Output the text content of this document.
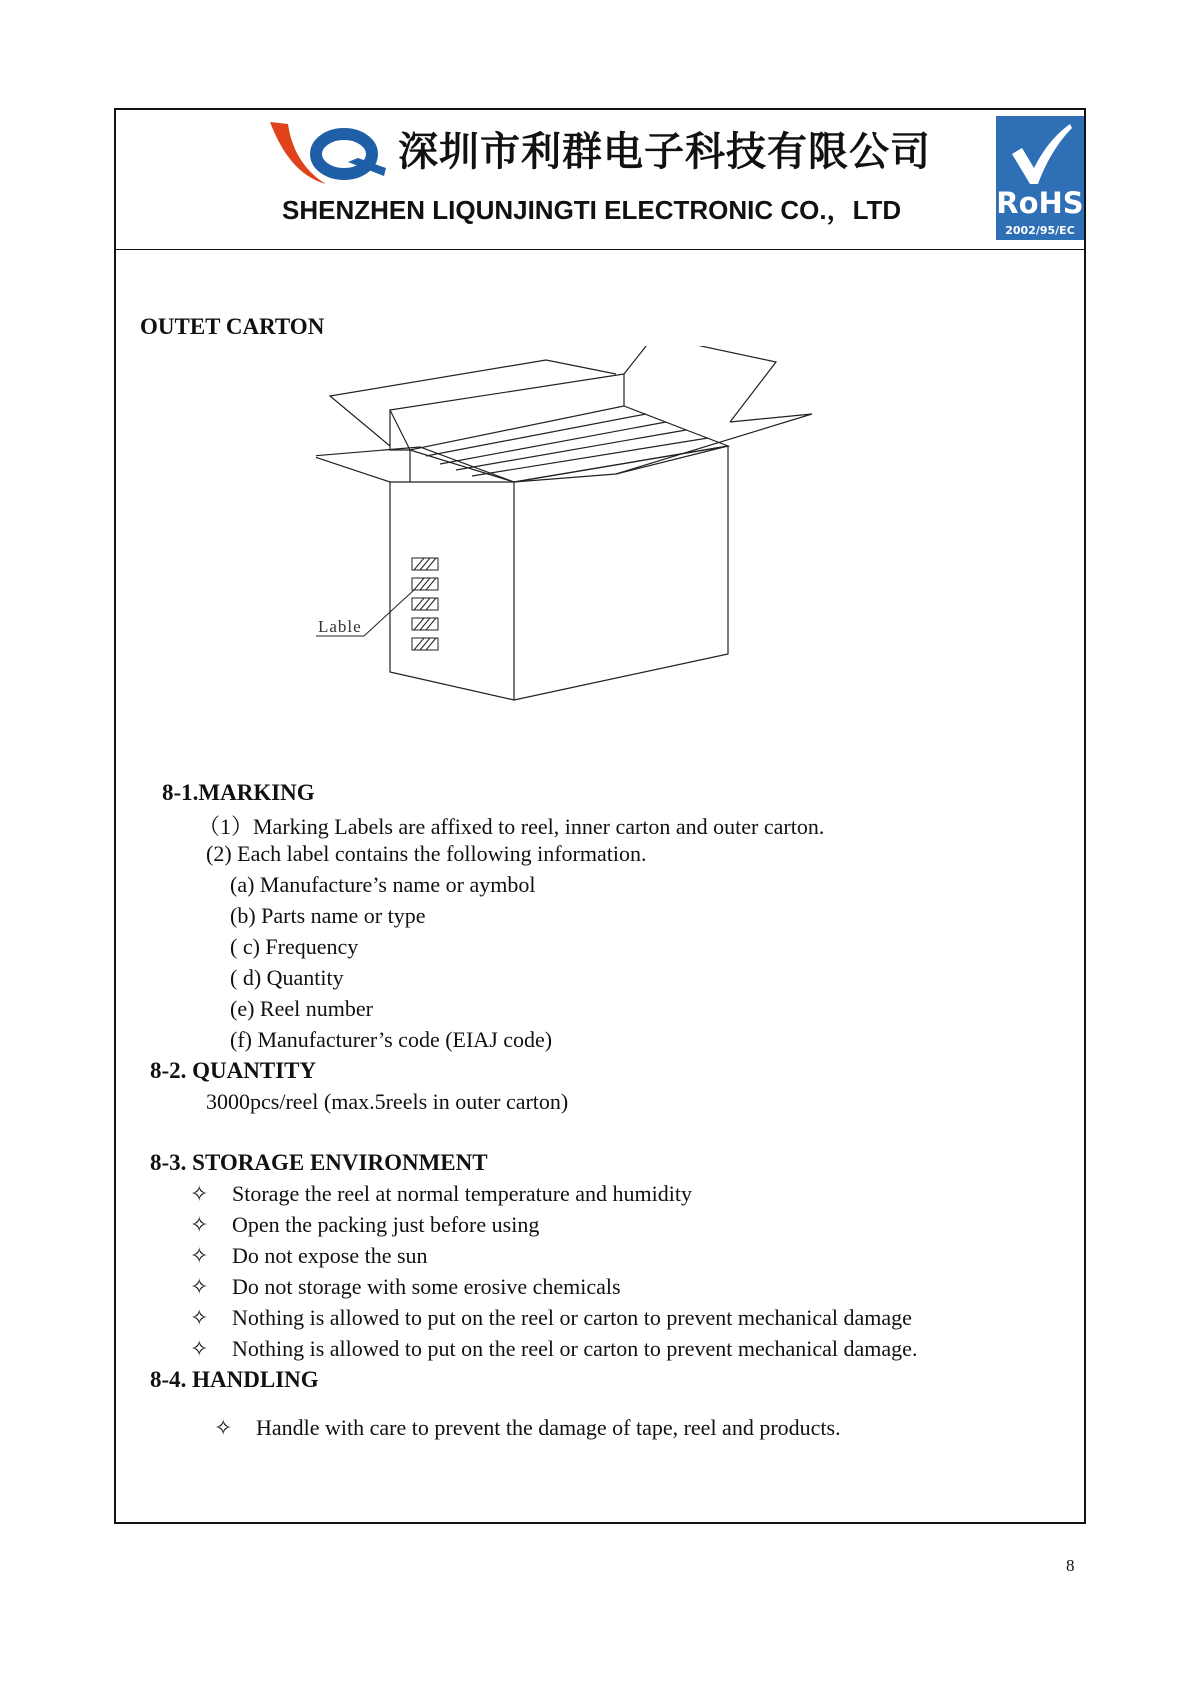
深圳市利群电子科技有限公司
SHENZHEN LIQUNJINGTI ELECTRONIC CO.，LTD	RoHS
2002/95/EC
OUTET CARTON
Lable
8-1.MARKING
（1）Marking Labels are affixed to reel, inner carton and outer carton.
(2) Each label contains the following information.
(a) Manufacture’s name or aymbol
(b) Parts name or type
( c) Frequency
( d) Quantity
(e) Reel number
(f) Manufacturer’s code (EIAJ code)
8-2. QUANTITY
3000pcs/reel (max.5reels in outer carton)
8-3. STORAGE ENVIRONMENT
✧ Storage the reel at normal temperature and humidity
✧ Open the packing just before using
✧ Do not expose the sun
✧ Do not storage with some erosive chemicals
✧ Nothing is allowed to put on the reel or carton to prevent mechanical damage
✧ Nothing is allowed to put on the reel or carton to prevent mechanical damage.
8-4. HANDLING
✧ Handle with care to prevent the damage of tape, reel and products.
8
